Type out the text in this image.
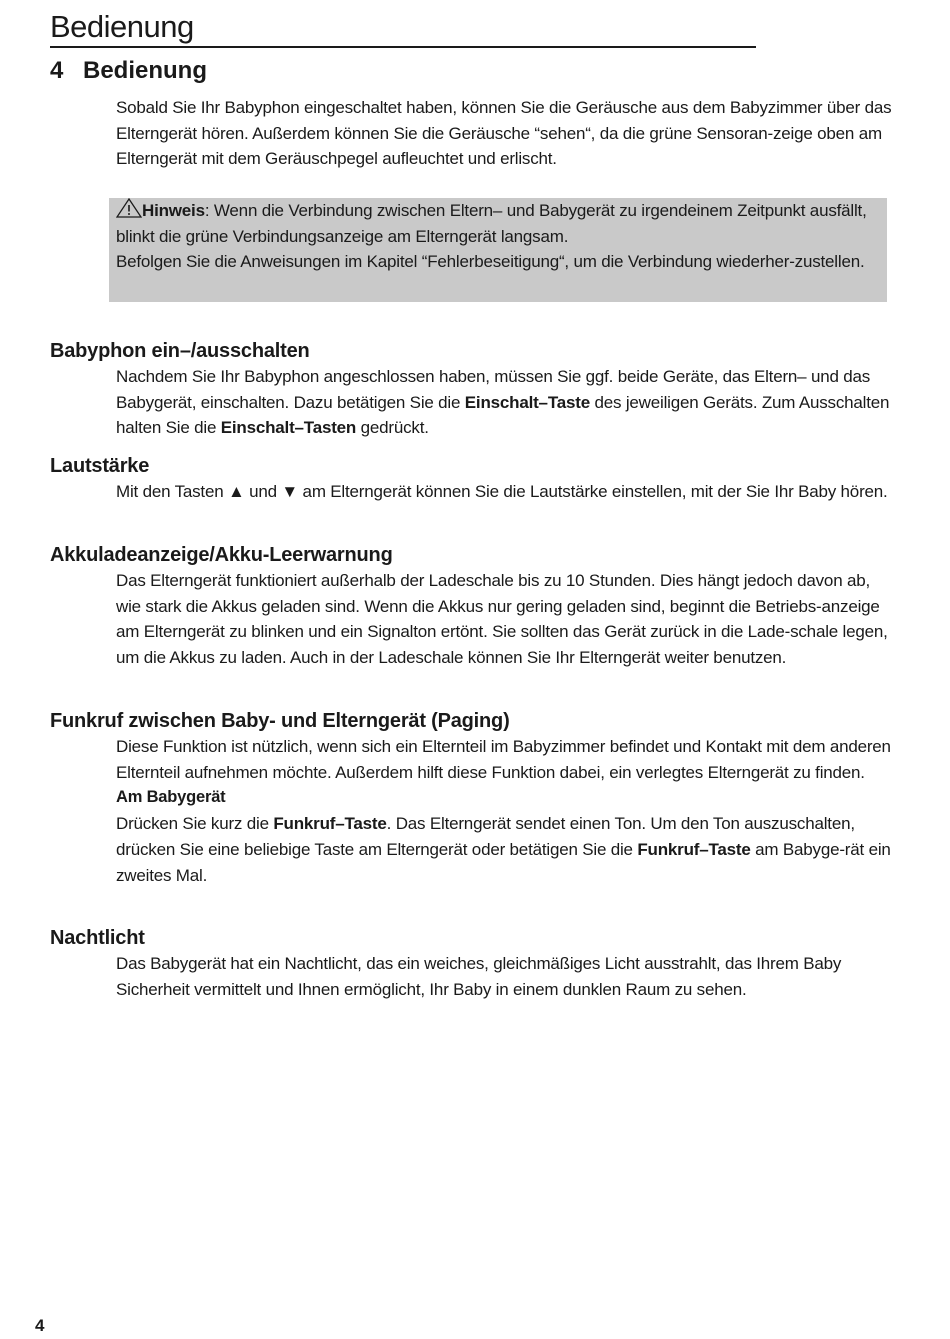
Bedienung
4 Bedienung
Sobald Sie Ihr Babyphon eingeschaltet haben, können Sie die Geräusche aus dem Babyzimmer über das Elterngerät hören. Außerdem können Sie die Geräusche “sehen“, da die grüne Sensoran-zeige oben am Elterngerät mit dem Geräuschpegel aufleuchtet und erlischt.
Hinweis: Wenn die Verbindung zwischen Eltern– und Babygerät zu irgendeinem Zeitpunkt ausfällt, blinkt die grüne Verbindungsanzeige am Elterngerät langsam.
Befolgen Sie die Anweisungen im Kapitel “Fehlerbeseitigung“, um die Verbindung wiederher-zustellen.
Babyphon ein–/ausschalten
Nachdem Sie Ihr Babyphon angeschlossen haben, müssen Sie ggf. beide Geräte, das Eltern– und das Babygerät, einschalten. Dazu betätigen Sie die Einschalt–Taste des jeweiligen Geräts. Zum Ausschalten halten Sie die Einschalt–Tasten gedrückt.
Lautstärke
Mit den Tasten ▲ und ▼ am Elterngerät können Sie die Lautstärke einstellen, mit der Sie Ihr Baby hören.
Akkuladeanzeige/Akku-Leerwarnung
Das Elterngerät funktioniert außerhalb der Ladeschale bis zu 10 Stunden. Dies hängt jedoch davon ab, wie stark die Akkus geladen sind. Wenn die Akkus nur gering geladen sind, beginnt die Betriebs-anzeige am Elterngerät zu blinken und ein Signalton ertönt. Sie sollten das Gerät zurück in die Lade-schale legen, um die Akkus zu laden. Auch in der Ladeschale können Sie Ihr Elterngerät weiter benutzen.
Funkruf zwischen Baby- und Elterngerät (Paging)
Diese Funktion ist nützlich, wenn sich ein Elternteil im Babyzimmer befindet und Kontakt mit dem anderen Elternteil aufnehmen möchte. Außerdem hilft diese Funktion dabei, ein verlegtes Elterngerät zu finden.
Am Babygerät
Drücken Sie kurz die Funkruf–Taste. Das Elterngerät sendet einen Ton. Um den Ton auszuschalten, drücken Sie eine beliebige Taste am Elterngerät oder betätigen Sie die Funkruf–Taste am Babyge-rät ein zweites Mal.
Nachtlicht
Das Babygerät hat ein Nachtlicht, das ein weiches, gleichmäßiges Licht ausstrahlt, das Ihrem Baby Sicherheit vermittelt und Ihnen ermöglicht, Ihr Baby in einem dunklen Raum zu sehen.
4
